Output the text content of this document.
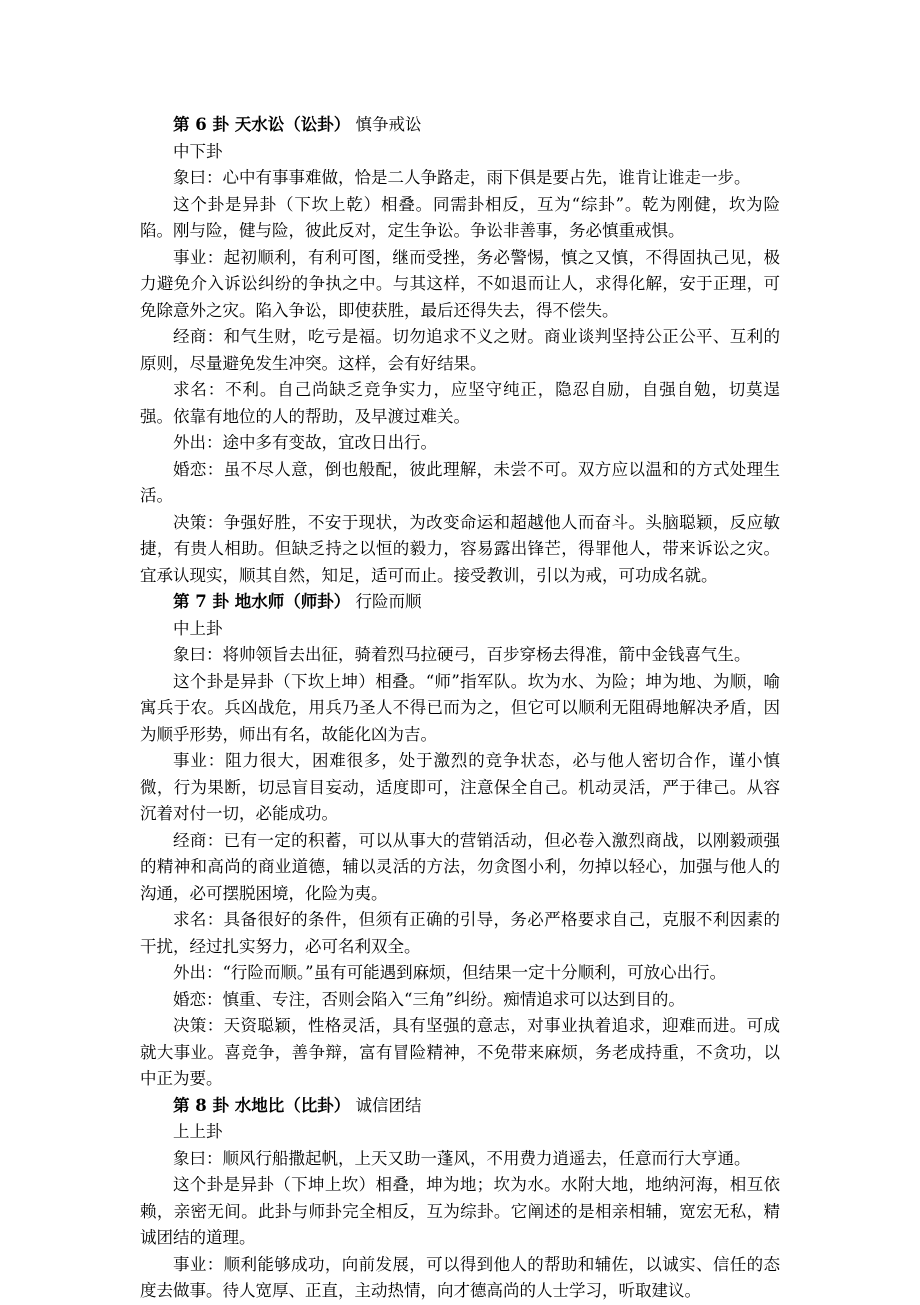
第 6 卦 天水讼（讼卦） 慎争戒讼

中下卦

象曰：心中有事事难做，恰是二人争路走，雨下俱是要占先，谁肯让谁走一步。

这个卦是异卦（下坎上乾）相叠。同需卦相反，互为“综卦”。乾为刚健，坎为险陷。刚与险，健与险，彼此反对，定生争讼。争讼非善事，务必慎重戒惧。

事业：起初顺利，有利可图，继而受挫，务必警惕，慎之又慎，不得固执己见，极力避免介入诉讼纠纷的争执之中。与其这样，不如退而让人，求得化解，安于正理，可免除意外之灾。陷入争讼，即使获胜，最后还得失去，得不偿失。

经商：和气生财，吃亏是福。切勿追求不义之财。商业谈判坚持公正公平、互利的原则，尽量避免发生冲突。这样，会有好结果。

求名：不利。自己尚缺乏竞争实力，应坚守纯正，隐忍自励，自强自勉，切莫逞强。依靠有地位的人的帮助，及早渡过难关。

外出：途中多有变故，宜改日出行。

婚恋：虽不尽人意，倒也般配，彼此理解，未尝不可。双方应以温和的方式处理生活。

决策：争强好胜，不安于现状，为改变命运和超越他人而奋斗。头脑聪颖，反应敏捷，有贵人相助。但缺乏持之以恒的毅力，容易露出锋芒，得罪他人，带来诉讼之灾。宜承认现实，顺其自然，知足，适可而止。接受教训，引以为戒，可功成名就。

第 7 卦 地水师（师卦） 行险而顺

中上卦

象曰：将帅领旨去出征，骑着烈马拉硬弓，百步穿杨去得准，箭中金钱喜气生。

这个卦是异卦（下坎上坤）相叠。“师”指军队。坎为水、为险；坤为地、为顺，喻寓兵于农。兵凶战危，用兵乃圣人不得已而为之，但它可以顺利无阻碍地解决矛盾，因为顺乎形势，师出有名，故能化凶为吉。

事业：阻力很大，困难很多，处于激烈的竞争状态，必与他人密切合作，谨小慎微，行为果断，切忌盲目妄动，适度即可，注意保全自己。机动灵活，严于律己。从容沉着对付一切，必能成功。

经商：已有一定的积蓄，可以从事大的营销活动，但必卷入激烈商战，以刚毅顽强的精神和高尚的商业道德，辅以灵活的方法，勿贪图小利，勿掉以轻心，加强与他人的沟通，必可摆脱困境，化险为夷。

求名：具备很好的条件，但须有正确的引导，务必严格要求自己，克服不利因素的干扰，经过扎实努力，必可名利双全。

外出：“行险而顺。”虽有可能遇到麻烦，但结果一定十分顺利，可放心出行。

婚恋：慎重、专注，否则会陷入“三角”纠纷。痴情追求可以达到目的。

决策：天资聪颖，性格灵活，具有坚强的意志，对事业执着追求，迎难而进。可成就大事业。喜竞争，善争辩，富有冒险精神，不免带来麻烦，务老成持重，不贪功，以中正为要。

第 8 卦 水地比（比卦） 诚信团结

上上卦

象曰：顺风行船撒起帆，上天又助一蓬风，不用费力逍遥去，任意而行大亨通。

这个卦是异卦（下坤上坎）相叠，坤为地；坎为水。水附大地，地纳河海，相互依赖，亲密无间。此卦与师卦完全相反，互为综卦。它阐述的是相亲相辅，宽宏无私，精诚团结的道理。

事业：顺利能够成功，向前发展，可以得到他人的帮助和辅佐，以诚实、信任的态度去做事。待人宽厚、正直，主动热情，向才德高尚的人士学习，听取建议。
